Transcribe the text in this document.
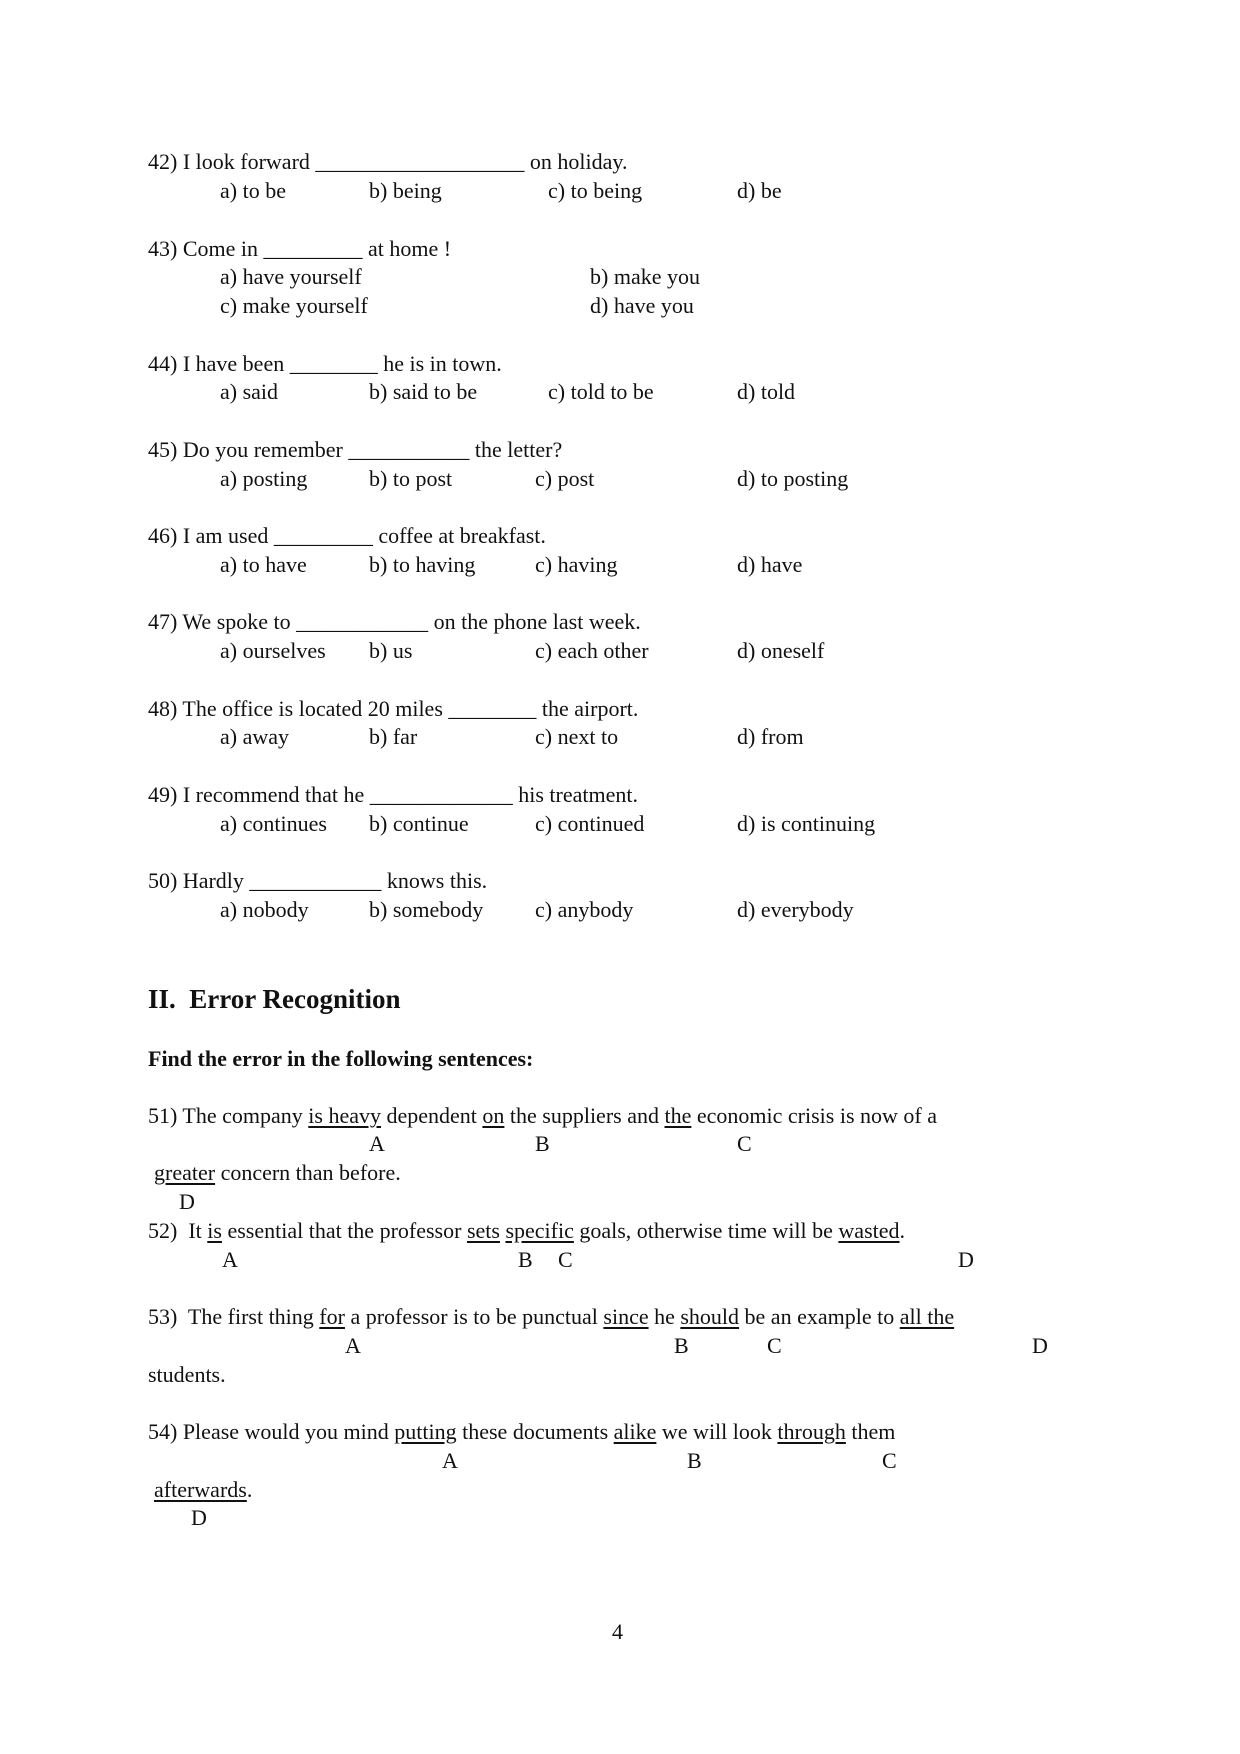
42) I look forward ___________________ on holiday.
a) to be	b) being	c) to being	d) be
43) Come in _________ at home !
a) have yourself	b) make you
c) make yourself	d) have you
44) I have been ________ he is in town.
a) said	b) said to be	c) told to be	d) told
45) Do you remember ___________ the letter?
a) posting	b) to post	c) post	d) to posting
46) I am used _________ coffee at breakfast.
a) to have	b) to having	c) having	d) have
47) We spoke to ____________ on the phone last week.
a) ourselves b) us	c) each other	d) oneself
48) The office is located 20 miles ________ the airport.
a) away	b) far	c) next to	d) from
49) I recommend that he _____________ his treatment.
a) continues b) continue	c) continued	d) is continuing
50) Hardly ____________ knows this.
a) nobody	b) somebody c) anybody	d) everybody
II.  Error Recognition
Find the error in the following sentences:
51) The company is heavy dependent on the suppliers and the economic crisis is now of a
A	B	C
greater concern than before.
D
52)  It is essential that the professor sets specific goals, otherwise time will be wasted.
A	B C	D
53)  The first thing for a professor is to be punctual since he should be an example to all the
A	B	C	D
students.
54) Please would you mind putting these documents alike we will look through them
A	B	C
afterwards.
D
4
